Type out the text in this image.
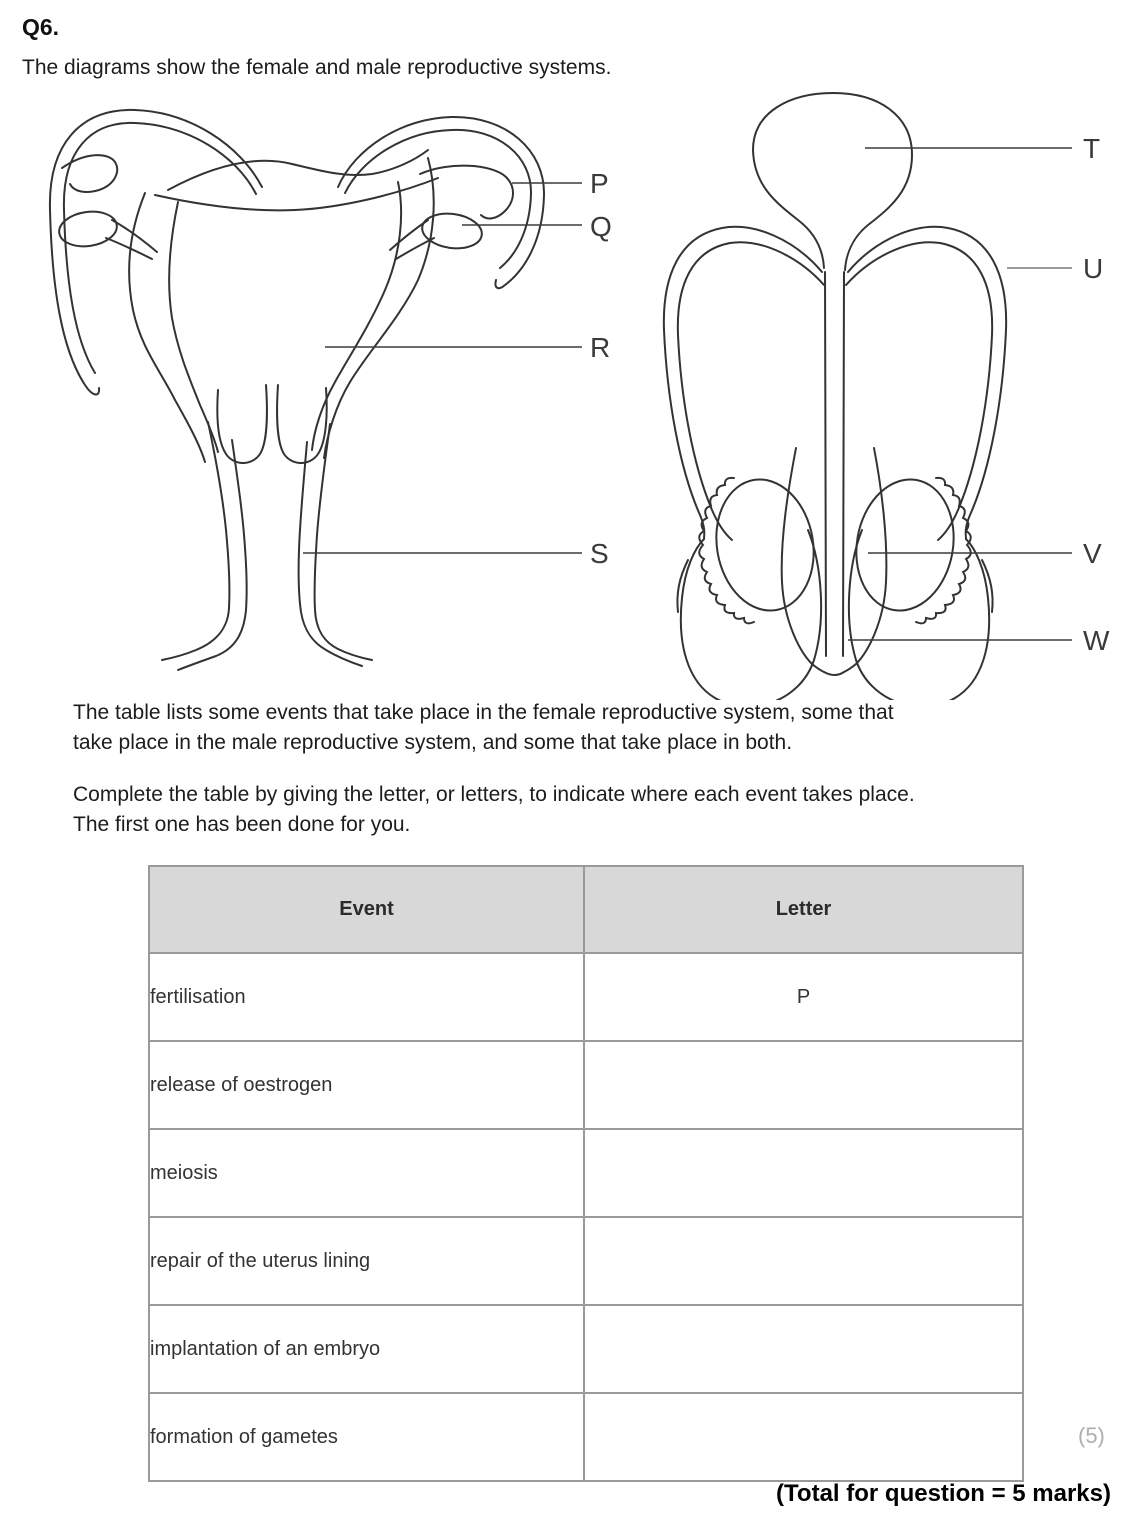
Q6.
The diagrams show the female and male reproductive systems.
P
Q
R
S
T
U
V
W
The table lists some events that take place in the female reproductive system, some that
take place in the male reproductive system, and some that take place in both.
Complete the table by giving the letter, or letters, to indicate where each event takes place.
The first one has been done for you.
Event	Letter
fertilisation	P
release of oestrogen	
meiosis	
repair of the uterus lining	
implantation of an embryo	
formation of gametes		(5)
(Total for question = 5 marks)
